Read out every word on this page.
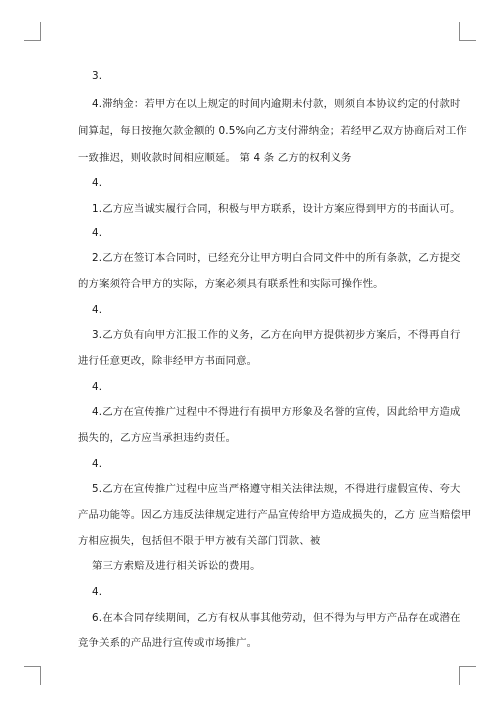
3.
4.滞纳金：若甲方在以上规定的时间内逾期未付款，则须自本协议约定的付款时
间算起，每日按拖欠款金额的 0.5%向乙方支付滞纳金；若经甲乙双方协商后对工作
一致推迟，则收款时间相应顺延。 第 4 条 乙方的权利义务
4.
1.乙方应当诚实履行合同，积极与甲方联系，设计方案应得到甲方的书面认可。
4.
2.乙方在签订本合同时，已经充分让甲方明白合同文件中的所有条款，乙方提交
的方案须符合甲方的实际，方案必须具有联系性和实际可操作性。
4.
3.乙方负有向甲方汇报工作的义务，乙方在向甲方提供初步方案后，不得再自行
进行任意更改，除非经甲方书面同意。
4.
4.乙方在宣传推广过程中不得进行有损甲方形象及名誉的宣传，因此给甲方造成
损失的，乙方应当承担违约责任。
4.
5.乙方在宣传推广过程中应当严格遵守相关法律法规，不得进行虚假宣传、夸大
产品功能等。因乙方违反法律规定进行产品宣传给甲方造成损失的，乙方 应当赔偿甲
方相应损失，包括但不限于甲方被有关部门罚款、被
第三方索赔及进行相关诉讼的费用。
4.
6.在本合同存续期间，乙方有权从事其他劳动，但不得为与甲方产品存在或潜在
竞争关系的产品进行宣传或市场推广。
